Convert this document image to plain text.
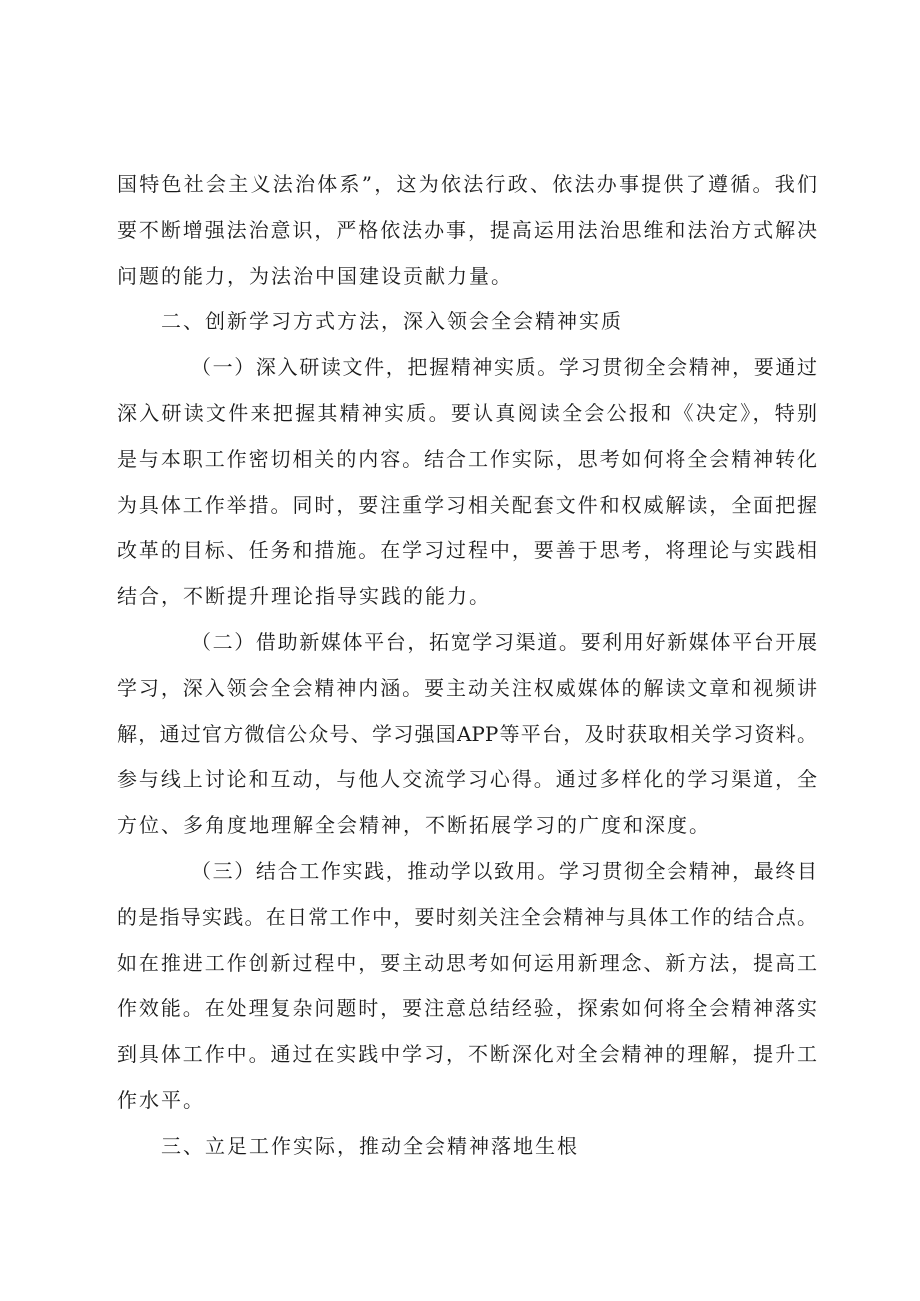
国特色社会主义法治体系”，这为依法行政、依法办事提供了遵循。我们
要不断增强法治意识，严格依法办事，提高运用法治思维和法治方式解决
问题的能力，为法治中国建设贡献力量。
二、创新学习方式方法，深入领会全会精神实质
（一）深入研读文件，把握精神实质。学习贯彻全会精神，要通过
深入研读文件来把握其精神实质。要认真阅读全会公报和《决定》，特别
是与本职工作密切相关的内容。结合工作实际，思考如何将全会精神转化
为具体工作举措。同时，要注重学习相关配套文件和权威解读，全面把握
改革的目标、任务和措施。在学习过程中，要善于思考，将理论与实践相
结合，不断提升理论指导实践的能力。
（二）借助新媒体平台，拓宽学习渠道。要利用好新媒体平台开展
学习，深入领会全会精神内涵。要主动关注权威媒体的解读文章和视频讲
解，通过官方微信公众号、学习强国APP等平台，及时获取相关学习资料。
参与线上讨论和互动，与他人交流学习心得。通过多样化的学习渠道，全
方位、多角度地理解全会精神，不断拓展学习的广度和深度。
（三）结合工作实践，推动学以致用。学习贯彻全会精神，最终目
的是指导实践。在日常工作中，要时刻关注全会精神与具体工作的结合点。
如在推进工作创新过程中，要主动思考如何运用新理念、新方法，提高工
作效能。在处理复杂问题时，要注意总结经验，探索如何将全会精神落实
到具体工作中。通过在实践中学习，不断深化对全会精神的理解，提升工
作水平。
三、立足工作实际，推动全会精神落地生根
